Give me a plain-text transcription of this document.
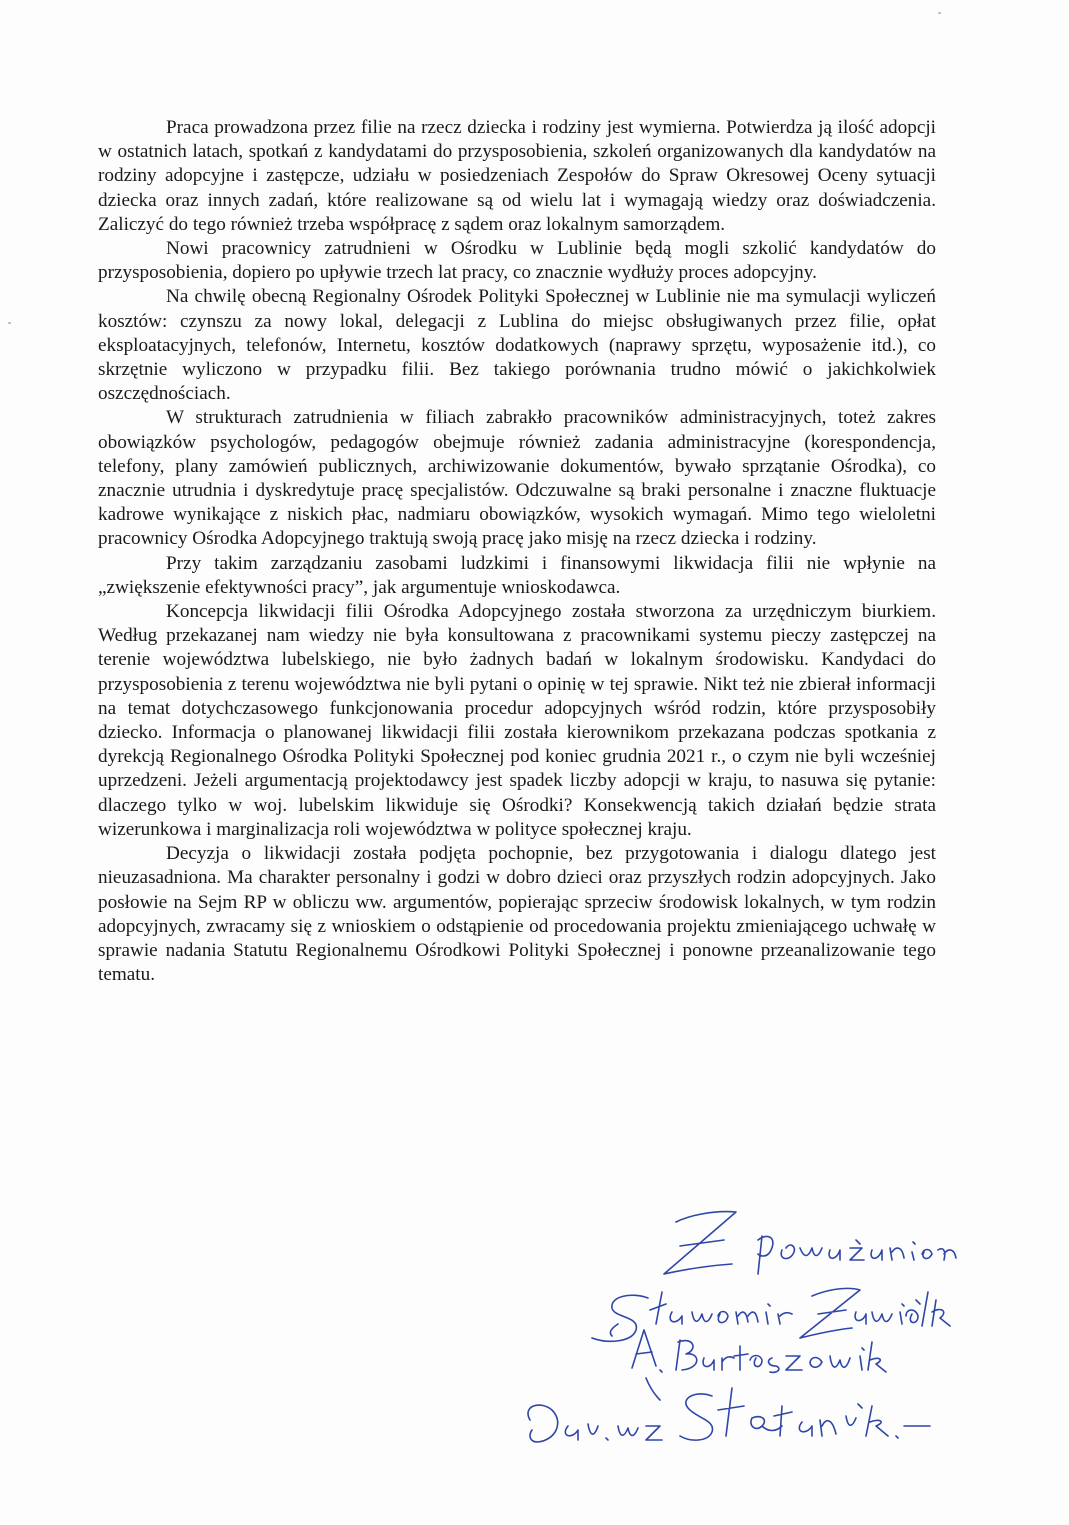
Praca prowadzona przez filie na rzecz dziecka i rodziny jest wymierna. Potwierdza ją ilość adopcji w ostatnich latach, spotkań z kandydatami do przysposobienia, szkoleń organizowanych dla kandydatów na rodziny adopcyjne i zastępcze, udziału w posiedzeniach Zespołów do Spraw Okresowej Oceny sytuacji dziecka oraz innych zadań, które realizowane są od wielu lat i wymagają wiedzy oraz doświadczenia. Zaliczyć do tego również trzeba współpracę z sądem oraz lokalnym samorządem.

Nowi pracownicy zatrudnieni w Ośrodku w Lublinie będą mogli szkolić kandydatów do przysposobienia, dopiero po upływie trzech lat pracy, co znacznie wydłuży proces adopcyjny.

Na chwilę obecną Regionalny Ośrodek Polityki Społecznej w Lublinie nie ma symulacji wyliczeń kosztów: czynszu za nowy lokal, delegacji z Lublina do miejsc obsługiwanych przez filie, opłat eksploatacyjnych, telefonów, Internetu, kosztów dodatkowych (naprawy sprzętu, wyposażenie itd.), co skrzętnie wyliczono w przypadku filii. Bez takiego porównania trudno mówić o jakichkolwiek oszczędnościach.

W strukturach zatrudnienia w filiach zabrakło pracowników administracyjnych, toteż zakres obowiązków psychologów, pedagogów obejmuje również zadania administracyjne (korespondencja, telefony, plany zamówień publicznych, archiwizowanie dokumentów, bywało sprzątanie Ośrodka), co znacznie utrudnia i dyskredytuje pracę specjalistów. Odczuwalne są braki personalne i znaczne fluktuacje kadrowe wynikające z niskich płac, nadmiaru obowiązków, wysokich wymagań. Mimo tego wieloletni pracownicy Ośrodka Adopcyjnego traktują swoją pracę jako misję na rzecz dziecka i rodziny.

Przy takim zarządzaniu zasobami ludzkimi i finansowymi likwidacja filii nie wpłynie na „zwiększenie efektywności pracy”, jak argumentuje wnioskodawca.

Koncepcja likwidacji filii Ośrodka Adopcyjnego została stworzona za urzędniczym biurkiem. Według przekazanej nam wiedzy nie była konsultowana z pracownikami systemu pieczy zastępczej na terenie województwa lubelskiego, nie było żadnych badań w lokalnym środowisku. Kandydaci do przysposobienia z terenu województwa nie byli pytani o opinię w tej sprawie. Nikt też nie zbierał informacji na temat dotychczasowego funkcjonowania procedur adopcyjnych wśród rodzin, które przysposobiły dziecko. Informacja o planowanej likwidacji filii została kierownikom przekazana podczas spotkania z dyrekcją Regionalnego Ośrodka Polityki Społecznej pod koniec grudnia 2021 r., o czym nie byli wcześniej uprzedzeni. Jeżeli argumentacją projektodawcy jest spadek liczby adopcji w kraju, to nasuwa się pytanie: dlaczego tylko w woj. lubelskim likwiduje się Ośrodki? Konsekwencją takich działań będzie strata wizerunkowa i marginalizacja roli województwa w polityce społecznej kraju.

Decyzja o likwidacji została podjęta pochopnie, bez przygotowania i dialogu dlatego jest nieuzasadniona. Ma charakter personalny i godzi w dobro dzieci oraz przyszłych rodzin adopcyjnych. Jako posłowie na Sejm RP w obliczu ww. argumentów, popierając sprzeciw środowisk lokalnych, w tym rodzin adopcyjnych, zwracamy się z wnioskiem o odstąpienie od procedowania projektu zmieniającego uchwałę w sprawie nadania Statutu Regionalnemu Ośrodkowi Polityki Społecznej i ponowne przeanalizowanie tego tematu.
